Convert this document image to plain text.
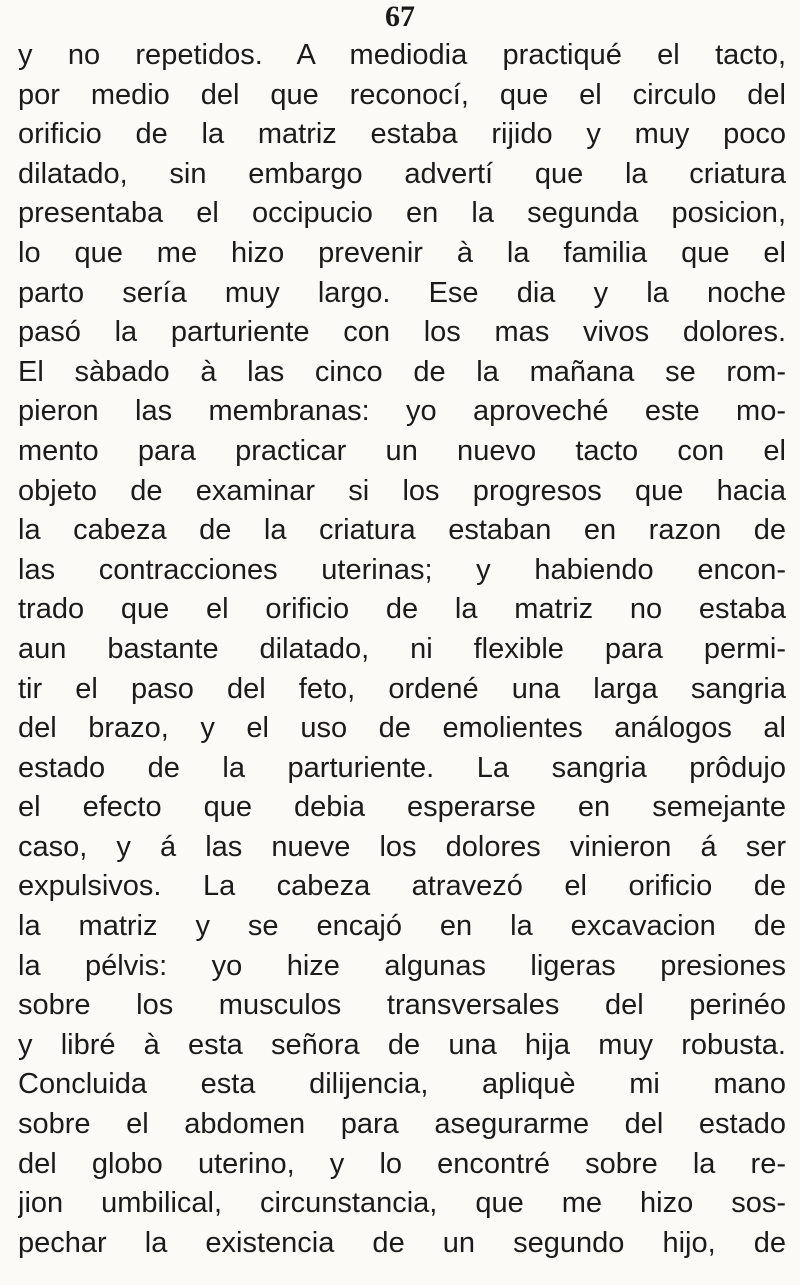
67
y no repetidos. A mediodia practiqué el tacto,
por medio del que reconocí, que el circulo del
orificio de la matriz estaba rijido y muy poco
dilatado, sin embargo advertí que la criatura
presentaba el occipucio en la segunda posicion,
lo que me hizo prevenir à la familia que el
parto sería muy largo. Ese dia y la noche
pasó la parturiente con los mas vivos dolores.
El sàbado à las cinco de la mañana se rom-
pieron las membranas: yo aproveché este mo-
mento para practicar un nuevo tacto con el
objeto de examinar si los progresos que hacia
la cabeza de la criatura estaban en razon de
las contracciones uterinas; y habiendo encon-
trado que el orificio de la matriz no estaba
aun bastante dilatado, ni flexible para permi-
tir el paso del feto, ordené una larga sangria
del brazo, y el uso de emolientes análogos al
estado de la parturiente. La sangria prôdujo
el efecto que debia esperarse en semejante
caso, y á las nueve los dolores vinieron á ser
expulsivos. La cabeza atravezó el orificio de
la matriz y se encajó en la excavacion de
la pélvis: yo hize algunas ligeras presiones
sobre los musculos transversales del perinéo
y libré à esta señora de una hija muy robusta.
Concluida esta dilijencia, apliquè mi mano
sobre el abdomen para asegurarme del estado
del globo uterino, y lo encontré sobre la re-
jion umbilical, circunstancia, que me hizo sos-
pechar la existencia de un segundo hijo, de
